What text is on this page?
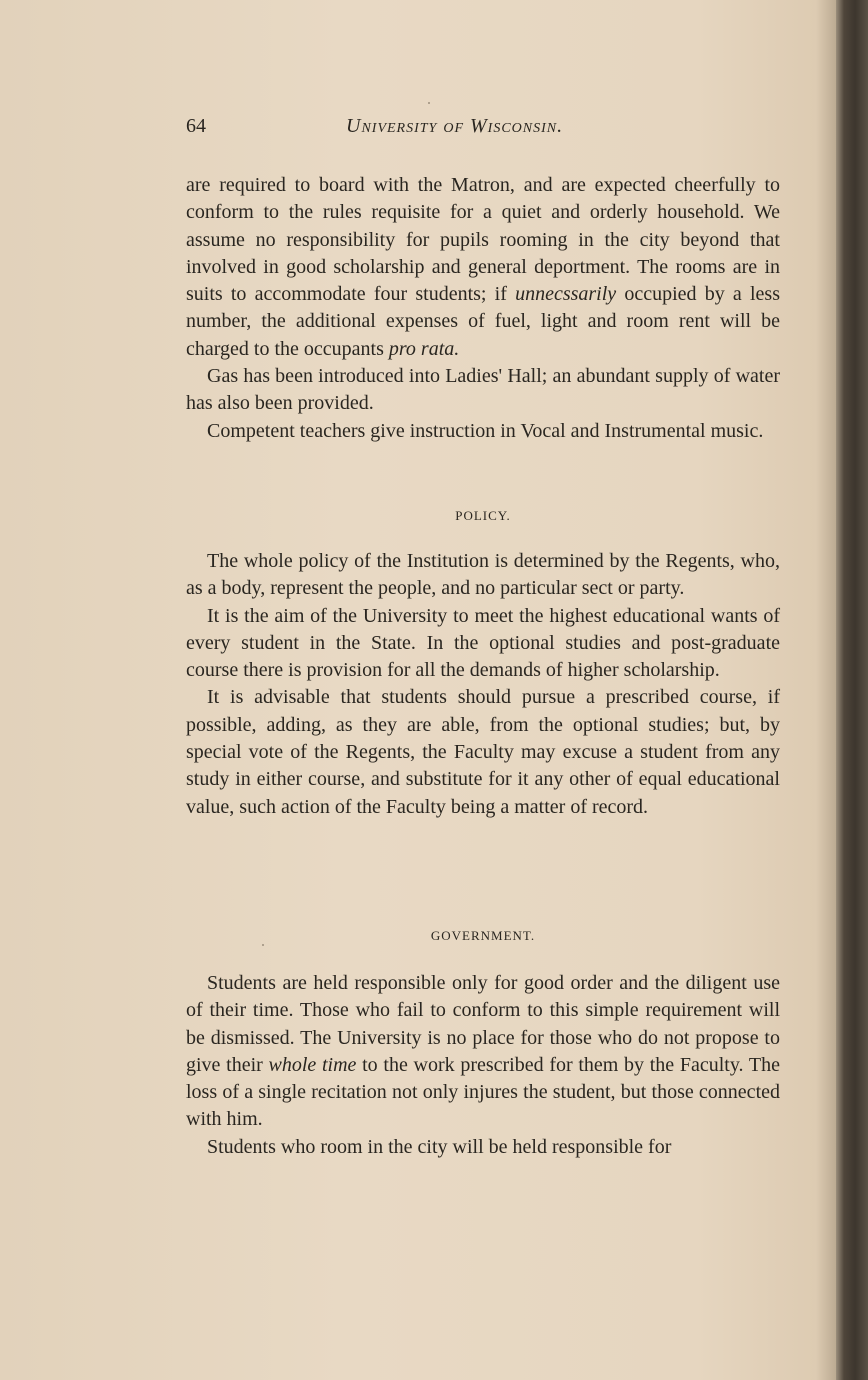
64	University of Wisconsin.

are required to board with the Matron, and are expected cheerfully to conform to the rules requisite for a quiet and orderly household. We assume no responsibility for pupils rooming in the city beyond that involved in good scholarship and general deportment. The rooms are in suits to accommodate four students; if unnecssarily occupied by a less number, the additional expenses of fuel, light and room rent will be charged to the occupants pro rata.

Gas has been introduced into Ladies' Hall; an abundant supply of water has also been provided.

Competent teachers give instruction in Vocal and Instrumental music.

POLICY.

The whole policy of the Institution is determined by the Regents, who, as a body, represent the people, and no particular sect or party.

It is the aim of the University to meet the highest educational wants of every student in the State. In the optional studies and post-graduate course there is provision for all the demands of higher scholarship.

It is advisable that students should pursue a prescribed course, if possible, adding, as they are able, from the optional studies; but, by special vote of the Regents, the Faculty may excuse a student from any study in either course, and substitute for it any other of equal educational value, such action of the Faculty being a matter of record.

GOVERNMENT.

Students are held responsible only for good order and the diligent use of their time. Those who fail to conform to this simple requirement will be dismissed. The University is no place for those who do not propose to give their whole time to the work prescribed for them by the Faculty. The loss of a single recitation not only injures the student, but those connected with him.

Students who room in the city will be held responsible for
